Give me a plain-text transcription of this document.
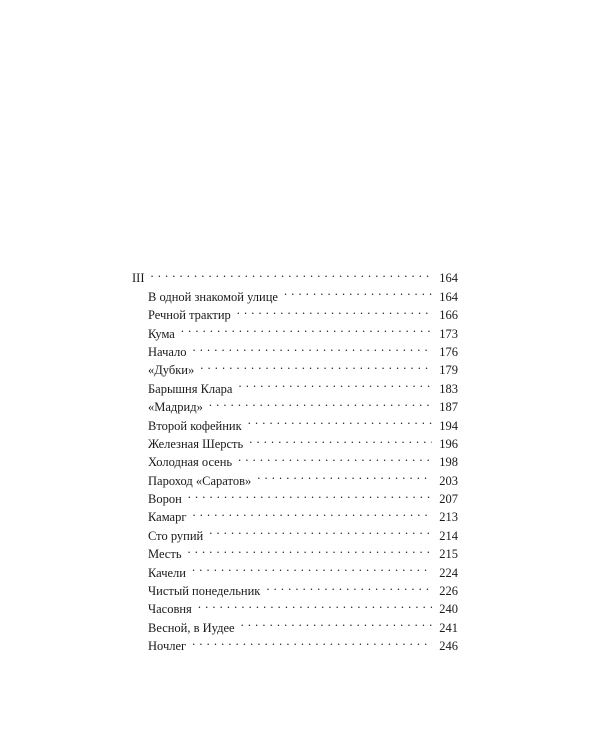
III . . .	164
В одной знакомой улице . . .	164
Речной трактир . . .	166
Кума . . .	173
Начало . . .	176
«Дубки» . . .	179
Барышня Клара . . .	183
«Мадрид» . . .	187
Второй кофейник . . .	194
Железная Шерсть . . .	196
Холодная осень . . .	198
Пароход «Саратов» . . .	203
Ворон . . .	207
Камарг . . .	213
Сто рупий . . .	214
Месть . . .	215
Качели . . .	224
Чистый понедельник . . .	226
Часовня . . .	240
Весной, в Иудее . . .	241
Ночлег . . .	246
